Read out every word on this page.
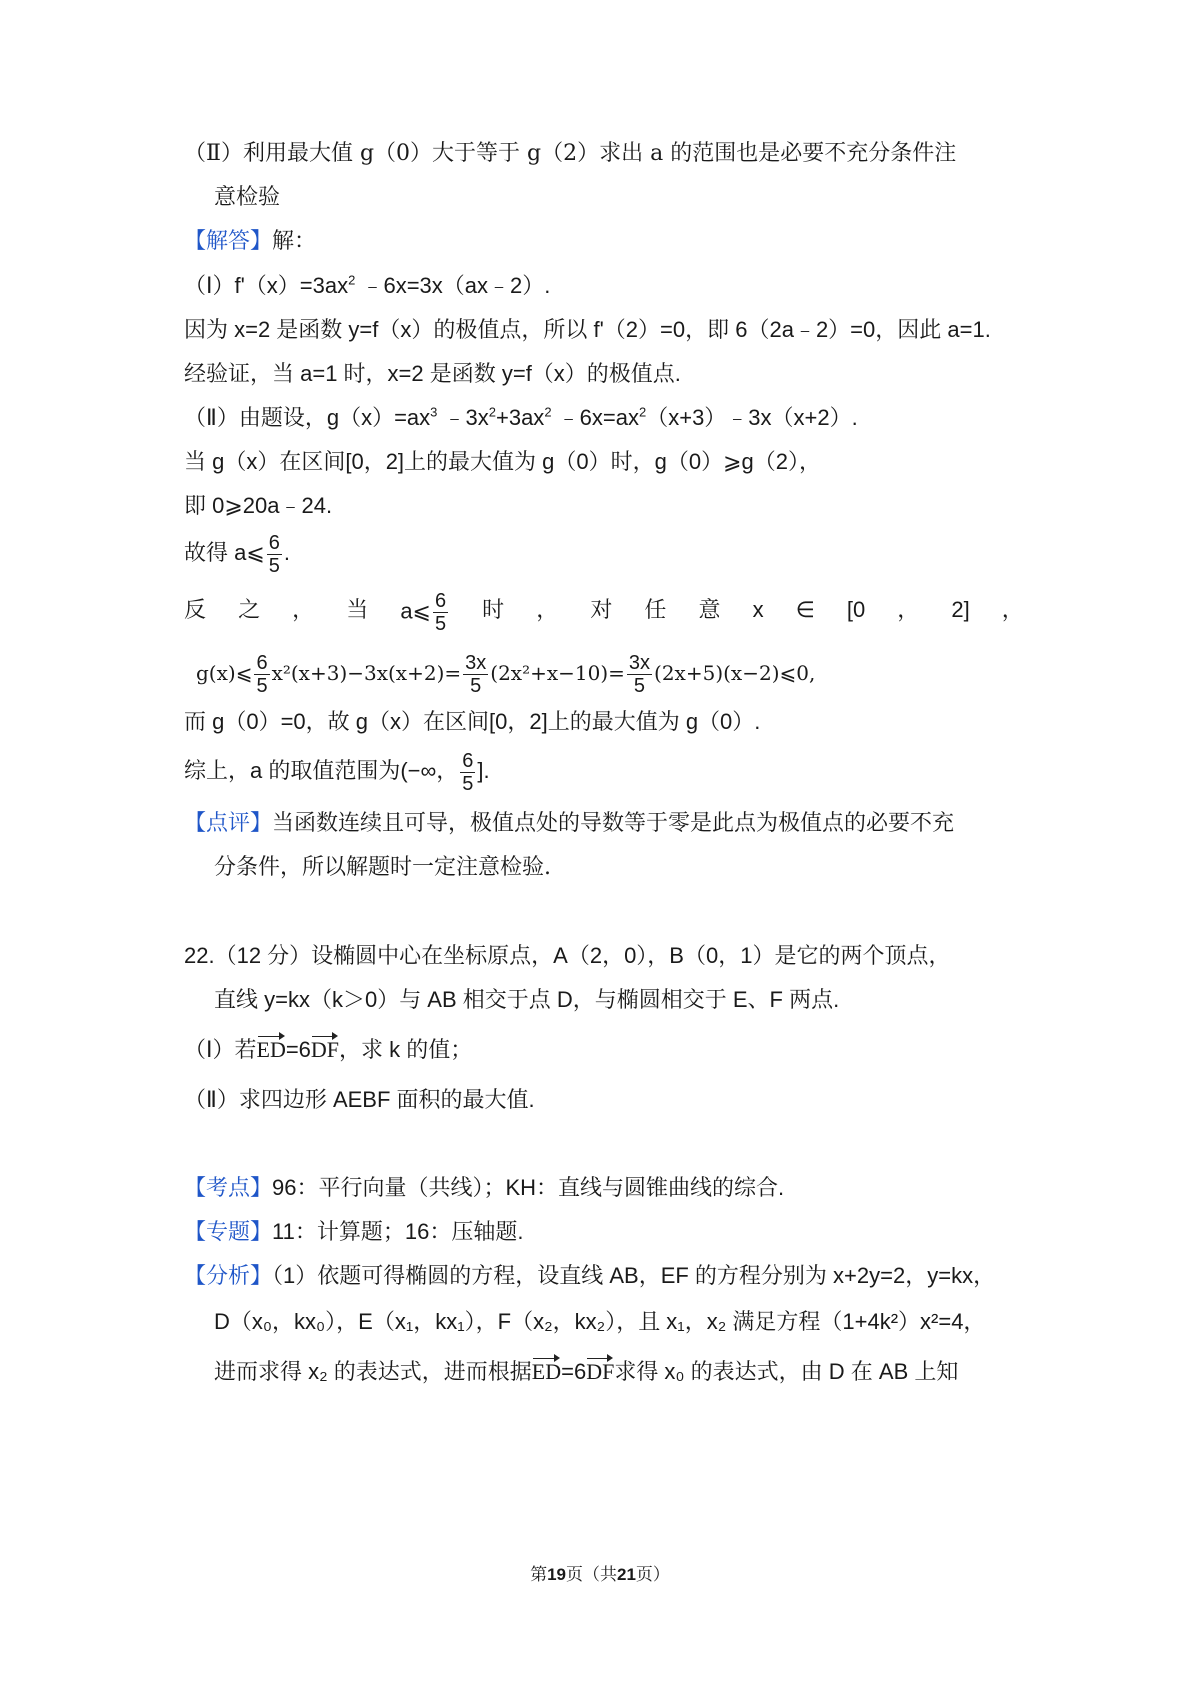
（Ⅱ）利用最大值 g（0）大于等于 g（2）求出 a 的范围也是必要不充分条件注
意检验
【解答】解：
$(Ⅰ)f'(x)=3ax^2$ ﹣6x=3x（ax﹣2）.
因为 x=2 是函数 y=f（x）的极值点，所以 f'（2）=0，即 6（2a﹣2）=0，因此 a=1.
经验证，当 a=1 时，x=2 是函数 y=f（x）的极值点.
（Ⅱ）由题设，$g(x)=ax^3$ $﹣3x^2+3ax^2$ $﹣6x=ax^2(x+3)﹣3x(x+2)$.
当 g（x）在区间[0，2]上的最大值为 g（0）时，g（0）⩾g（2），
即 0⩾20a﹣24.
故得 a⩽ $\frac{6}{5}$ .
反 之 ， 当 a⩽ $\frac{6}{5}$ 时 ， 对 任 意 x ∈ [0 ， 2] ，
g(x)⩽ $\frac{6}{5} x^2(x+3)-3x(x+2)= \frac{3x}{5} (2x^2+x-10)= \frac{3x}{5}$ (2x+5)(x−2)⩽0,
而 g（0）=0，故 g（x）在区间[0，2]上的最大值为 g（0）.
综上，a 的取值范围为(−∞， $\frac{6}{5}$ ].
【点评】当函数连续且可导，极值点处的导数等于零是此点为极值点的必要不充
分条件，所以解题时一定注意检验.
22.（12 分）设椭圆中心在坐标原点，A（2，0），B（0，1）是它的两个顶点，
直线 y=kx（k＞0）与 AB 相交于点 D，与椭圆相交于 E、F 两点.
（Ⅰ）若ED=6DF，求 k 的值；
（Ⅱ）求四边形 AEBF 面积的最大值.
【考点】96：平行向量（共线）；KH：直线与圆锥曲线的综合.
【专题】11：计算题；16：压轴题.
【分析】（1）依题可得椭圆的方程，设直线 AB，EF 的方程分别为 x+2y=2，y=kx，
D（x₀，kx₀），E（x₁，kx₁），F（x₂，kx₂），且 x₁，x₂ 满足方程（1+4k²）x²=4，
进而求得 x₂ 的表达式，进而根据ED=6DF求得 x₀ 的表达式，由 D 在 AB 上知
第19页（共21页）
